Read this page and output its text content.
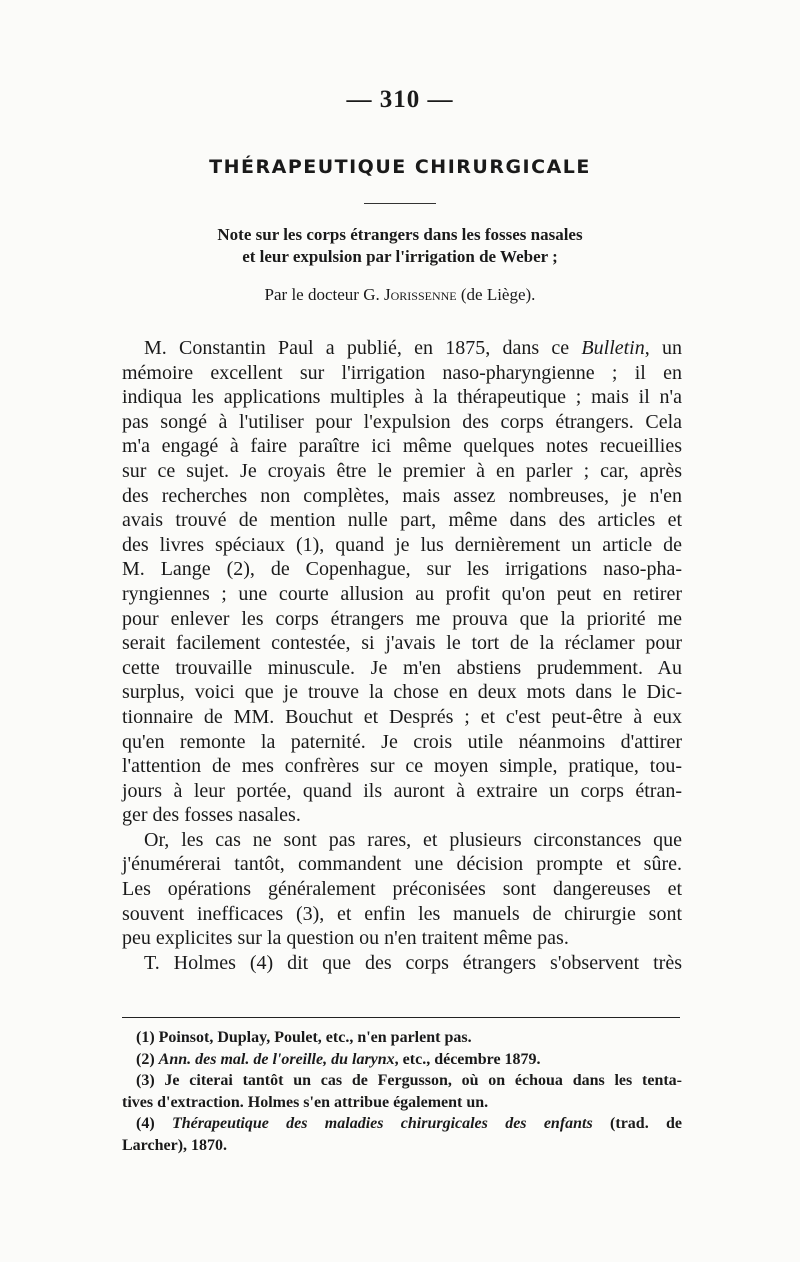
— 310 —
THÉRAPEUTIQUE CHIRURGICALE
Note sur les corps étrangers dans les fosses nasales
et leur expulsion par l'irrigation de Weber ;
Par le docteur G. Jorissenne (de Liège).
M. Constantin Paul a publié, en 1875, dans ce Bulletin, un
mémoire excellent sur l'irrigation naso-pharyngienne ; il en
indiqua les applications multiples à la thérapeutique ; mais il n'a
pas songé à l'utiliser pour l'expulsion des corps étrangers. Cela
m'a engagé à faire paraître ici même quelques notes recueillies
sur ce sujet. Je croyais être le premier à en parler ; car, après
des recherches non complètes, mais assez nombreuses, je n'en
avais trouvé de mention nulle part, même dans des articles et
des livres spéciaux (1), quand je lus dernièrement un article de
M. Lange (2), de Copenhague, sur les irrigations naso-pha-
ryngiennes ; une courte allusion au profit qu'on peut en retirer
pour enlever les corps étrangers me prouva que la priorité me
serait facilement contestée, si j'avais le tort de la réclamer pour
cette trouvaille minuscule. Je m'en abstiens prudemment. Au
surplus, voici que je trouve la chose en deux mots dans le Dic-
tionnaire de MM. Bouchut et Després ; et c'est peut-être à eux
qu'en remonte la paternité. Je crois utile néanmoins d'attirer
l'attention de mes confrères sur ce moyen simple, pratique, tou-
jours à leur portée, quand ils auront à extraire un corps étran-
ger des fosses nasales.
Or, les cas ne sont pas rares, et plusieurs circonstances que
j'énumérerai tantôt, commandent une décision prompte et sûre.
Les opérations généralement préconisées sont dangereuses et
souvent inefficaces (3), et enfin les manuels de chirurgie sont
peu explicites sur la question ou n'en traitent même pas.
T. Holmes (4) dit que des corps étrangers s'observent très
(1) Poinsot, Duplay, Poulet, etc., n'en parlent pas.
(2) Ann. des mal. de l'oreille, du larynx, etc., décembre 1879.
(3) Je citerai tantôt un cas de Fergusson, où on échoua dans les tenta-
tives d'extraction. Holmes s'en attribue également un.
(4) Thérapeutique des maladies chirurgicales des enfants (trad. de
Larcher), 1870.
